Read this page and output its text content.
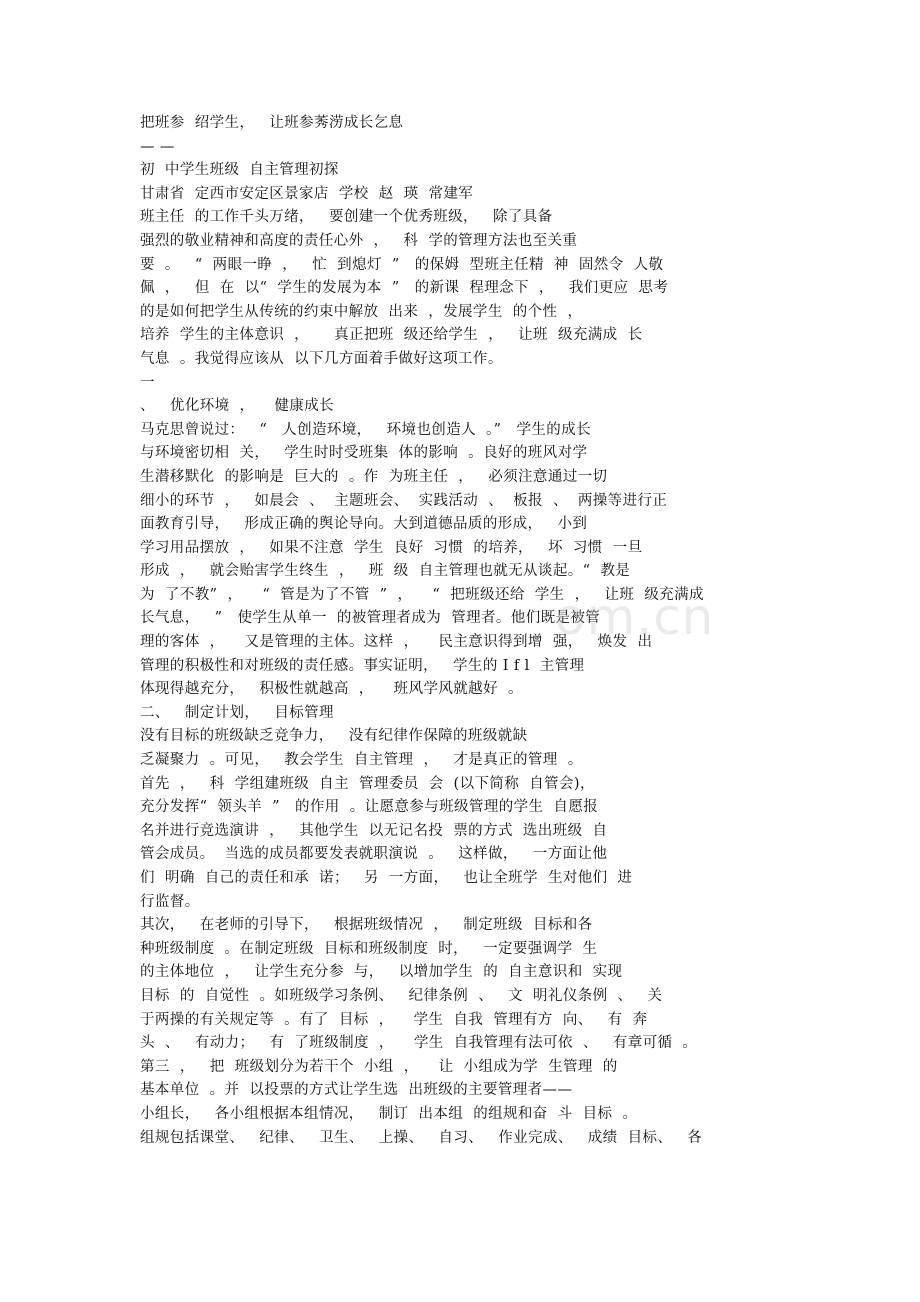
把班参  绍学生，   让班参莠涝成长乞息
— —
初  中学生班级  自主管理初探
甘肃省  定西市安定区景家店  学校  赵  瑛  常建军
班主任  的工作千头万绪，   要创建一个优秀班级，   除了具备
强烈的敬业精神和高度的责任心外  ，   科  学的管理方法也至关重
要  。   “  两眼一睁  ，   忙  到熄灯  ”   的保姆  型班主任精  神  固然令  人敬
佩  ，   但  在  以“  学生的发展为本  ”   的新课  程理念下  ，   我们更应  思考
的是如何把学生从传统的约束中解放  出来  ，发展学生  的个性  ，
培养  学生的主体意识  ，     真正把班  级还给学生  ，   让班  级充满成  长
气息  。我觉得应该从  以下几方面着手做好这项工作。
一
、   优化环境  ，    健康成长
马克思曾说过：   “   人创造环境，   环境也创造人  。”   学生的成长
与环境密切相  关，   学生时时受班集  体的影响  。良好的班风对学
生潜移默化  的影响是  巨大的  。作  为班主任  ，   必须注意通过一切
细小的环节  ，   如晨会  、  主题班会、  实践活动  、  板报  、  两操等进行正
面教育引导，   形成正确的舆论导向。大到道德品质的形成，   小到
学习用品摆放  ，   如果不注意  学生  良好  习惯  的培养，   坏  习惯  一旦
形成  ，   就会贻害学生终生  ，   班  级  自主管理也就无从谈起。“  教是
为  了不教”  ，    “  管是为了不管  ”  ，    “  把班级还给  学生  ，   让班  级充满成
长气息，   ”   使学生从单一  的被管理者成为  管理者。他们既是被管
理的客体  ，    又是管理的主体。这样  ，    民主意识得到增  强，   焕发  出
管理的积极性和对班级的责任感。事实证明，   学生的 I f l  主管理
体现得越充分，   积极性就越高  ，    班风学风就越好  。
二、   制定计划，   目标管理
没有目标的班级缺乏竞争力，   没有纪律作保障的班级就缺
乏凝聚力  。可见，   教会学生  自主管理  ，   才是真正的管理  。
首先  ，   科  学组建班级  自主  管理委员  会  (以下简称  自管会)，
充分发挥“  领头羊  ”   的作用  。让愿意参与班级管理的学生  自愿报
名并进行竞选演讲  ，   其他学生  以无记名投  票的方式  选出班级  自
管会成员。  当选的成员都要发表就职演说  。   这样做，   一方面让他
们  明确  自己的责任和承  诺；   另  一方面，   也让全班学  生对他们  进
行监督。
其次，   在老师的引导下，   根据班级情况  ，   制定班级  目标和各
种班级制度  。在制定班级  目标和班级制度  时，   一定要强调学  生
的主体地位  ，   让学生充分参  与，   以增加学生  的  自主意识和  实现
目标  的  自觉性  。如班级学习条例、   纪律条例  、   文  明礼仪条例  、   关
于两操的有关规定等  。有了  目标  ，    学生  自我  管理有方  向、   有  奔
头  、   有动力；   有  了班级制度  ，    学生  自我管理有法可依  、   有章可循  。
第三  ，   把  班级划分为若干个  小组  ，    让  小组成为学  生管理  的
基本单位  。并  以投票的方式让学生选  出班级的主要管理者——
小组长，   各小组根据本组情况，   制订  出本组  的组规和奋  斗  目标  。
组规包括课堂、   纪律、   卫生、   上操、   自习、   作业完成、   成绩  目标、   各
om.cn
